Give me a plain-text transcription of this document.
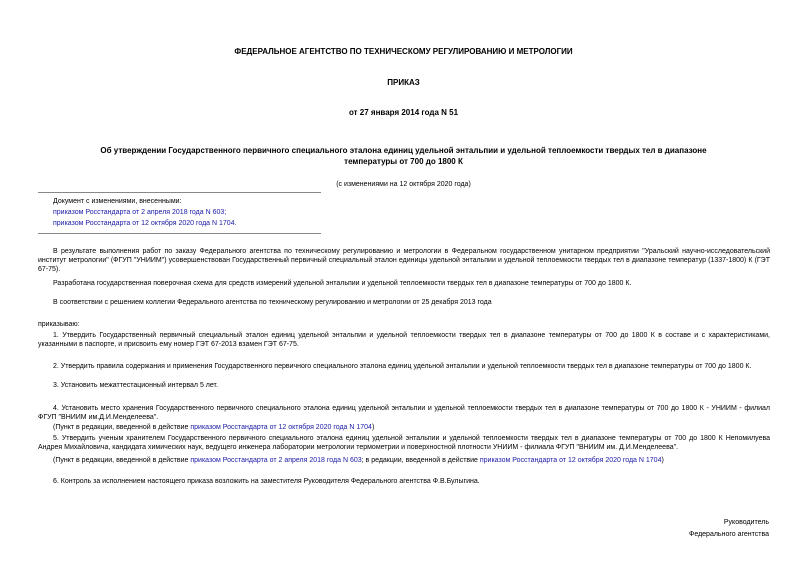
ФЕДЕРАЛЬНОЕ АГЕНТСТВО ПО ТЕХНИЧЕСКОМУ РЕГУЛИРОВАНИЮ И МЕТРОЛОГИИ
ПРИКАЗ
от 27 января 2014 года N 51
Об утверждении Государственного первичного специального эталона единиц удельной энтальпии и удельной теплоемкости твердых тел в диапазоне
температуры от 700 до 1800 К
(с изменениями на 12 октября 2020 года)
Документ с изменениями, внесенными:
приказом Росстандарта от 2 апреля 2018 года N 603;
приказом Росстандарта от 12 октября 2020 года N 1704.
В результате выполнения работ по заказу Федерального агентства по техническому регулированию и метрологии в Федеральном государственном унитарном предприятии "Уральский научно-исследовательский институт метрологии" (ФГУП "УНИИМ") усовершенствован Государственный первичный специальный эталон единицы удельной энтальпии и удельной теплоемкости твердых тел в диапазоне температур (1337-1800) К (ГЭТ 67-75).
Разработана государственная поверочная схема для средств измерений удельной энтальпии и удельной теплоемкости твердых тел в диапазоне температуры от 700 до 1800 К.
В соответствии с решением коллегии Федерального агентства по техническому регулированию и метрологии от 25 декабря 2013 года
приказываю:
1. Утвердить Государственный первичный специальный эталон единиц удельной энтальпии и удельной теплоемкости твердых тел в диапазоне температуры от 700 до 1800 К в составе и с характеристиками, указанными в паспорте, и присвоить ему номер ГЭТ 67-2013 взамен ГЭТ 67-75.
2. Утвердить правила содержания и применения Государственного первичного специального эталона единиц удельной энтальпии и удельной теплоемкости твердых тел в диапазоне температуры от 700 до 1800 К.
3. Установить межаттестационный интервал 5 лет.
4. Установить место хранения Государственного первичного специального эталона единиц удельной энтальпии и удельной теплоемкости твердых тел в диапазоне температуры от 700 до 1800 К - УНИИМ - филиал ФГУП "ВНИИМ им.Д.И.Менделеева".
(Пункт в редакции, введенной в действие приказом Росстандарта от 12 октября 2020 года N 1704)
5. Утвердить ученым хранителем Государственного первичного специального эталона единиц удельной энтальпии и удельной теплоемкости твердых тел в диапазоне температуры от 700 до 1800 К Непомилуева Андрея Михайловича, кандидата химических наук, ведущего инженера лаборатории метрологии термометрии и поверхностной плотности УНИИМ - филиала ФГУП "ВНИИМ им. Д.И.Менделеева".
(Пункт в редакции, введенной в действие приказом Росстандарта от 2 апреля 2018 года N 603; в редакции, введенной в действие приказом Росстандарта от 12 октября 2020 года N 1704)
6. Контроль за исполнением настоящего приказа возложить на заместителя Руководителя Федерального агентства Ф.В.Булыгина.
Руководитель
Федерального агентства
